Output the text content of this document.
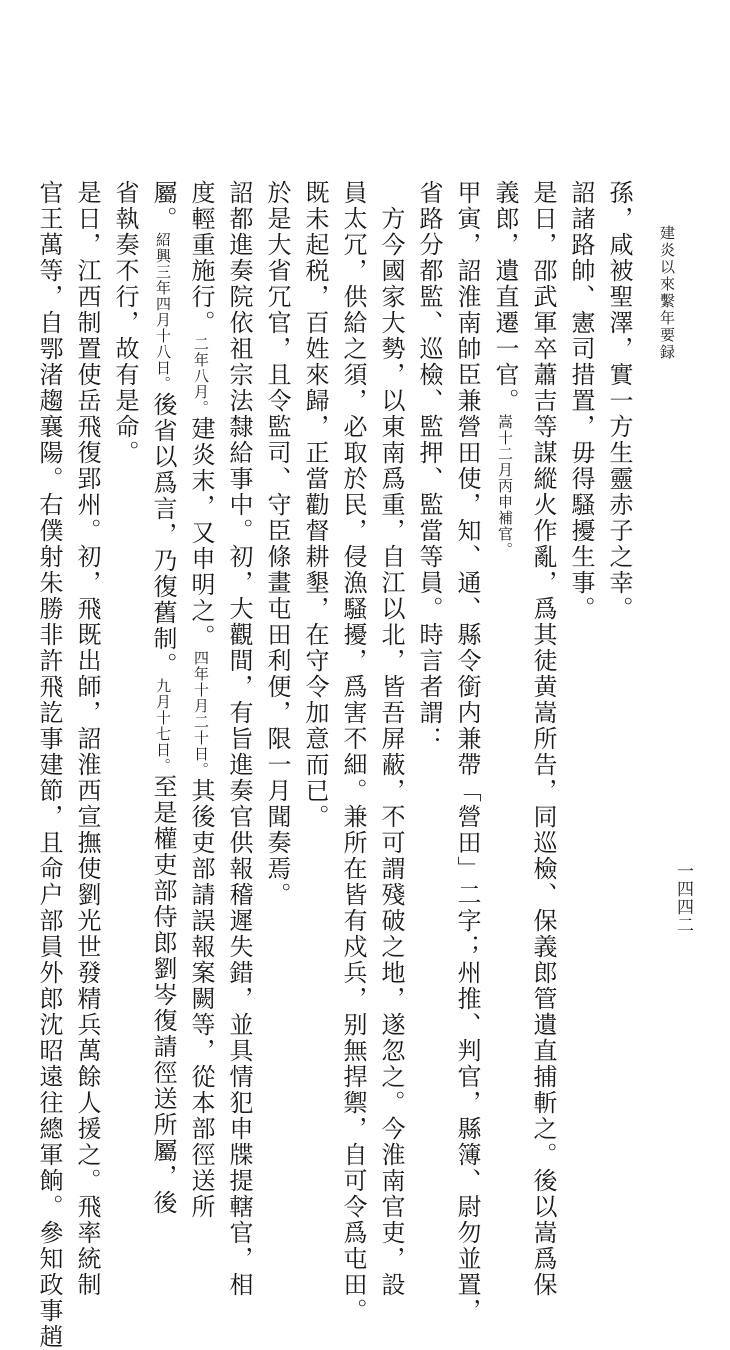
建炎以來繫年要録
一四四二
孫，咸被聖澤，實一方生靈赤子之幸。
詔諸路帥、憲司措置，毋得騷擾生事。
是日，邵武軍卒蕭吉等謀縱火作亂，爲其徒黄嵩所告，同巡檢、保義郎管遺直捕斬之。後以嵩爲保
義郎，遺直遷一官。嵩十二月丙申補官。
甲寅，詔淮南帥臣兼營田使，知、通、縣令銜内兼帶「營田」二字；州推、判官，縣簿、尉勿並置，
省路分都監、巡檢、監押、監當等員。時言者謂：
方今國家大勢，以東南爲重，自江以北，皆吾屏蔽，不可謂殘破之地，遂忽之。今淮南官吏，設
員太冗，供給之須，必取於民，侵漁騷擾，爲害不細。兼所在皆有戍兵，别無捍禦，自可令爲屯田。
既未起税，百姓來歸，正當勸督耕墾，在守令加意而已。
於是大省冗官，且令監司、守臣條畫屯田利便，限一月聞奏焉。
詔都進奏院依祖宗法隸給事中。初，大觀間，有旨進奏官供報稽遲失錯，並具情犯申牒提轄官，相
度輕重施行。二年八月。建炎末，又申明之。四年十月二十日。其後吏部請誤報案闕等，從本部徑送所
屬。紹興三年四月十八日。後省以爲言，乃復舊制。九月十七日。至是權吏部侍郎劉岑復請徑送所屬，後
省執奏不行，故有是命。
是日，江西制置使岳飛復郢州。初，飛既出師，詔淮西宣撫使劉光世發精兵萬餘人援之。飛率統制
官王萬等，自鄂渚趨襄陽。右僕射朱勝非許飛訖事建節，且命户部員外郎沈昭遠往總軍餉。參知政事趙
